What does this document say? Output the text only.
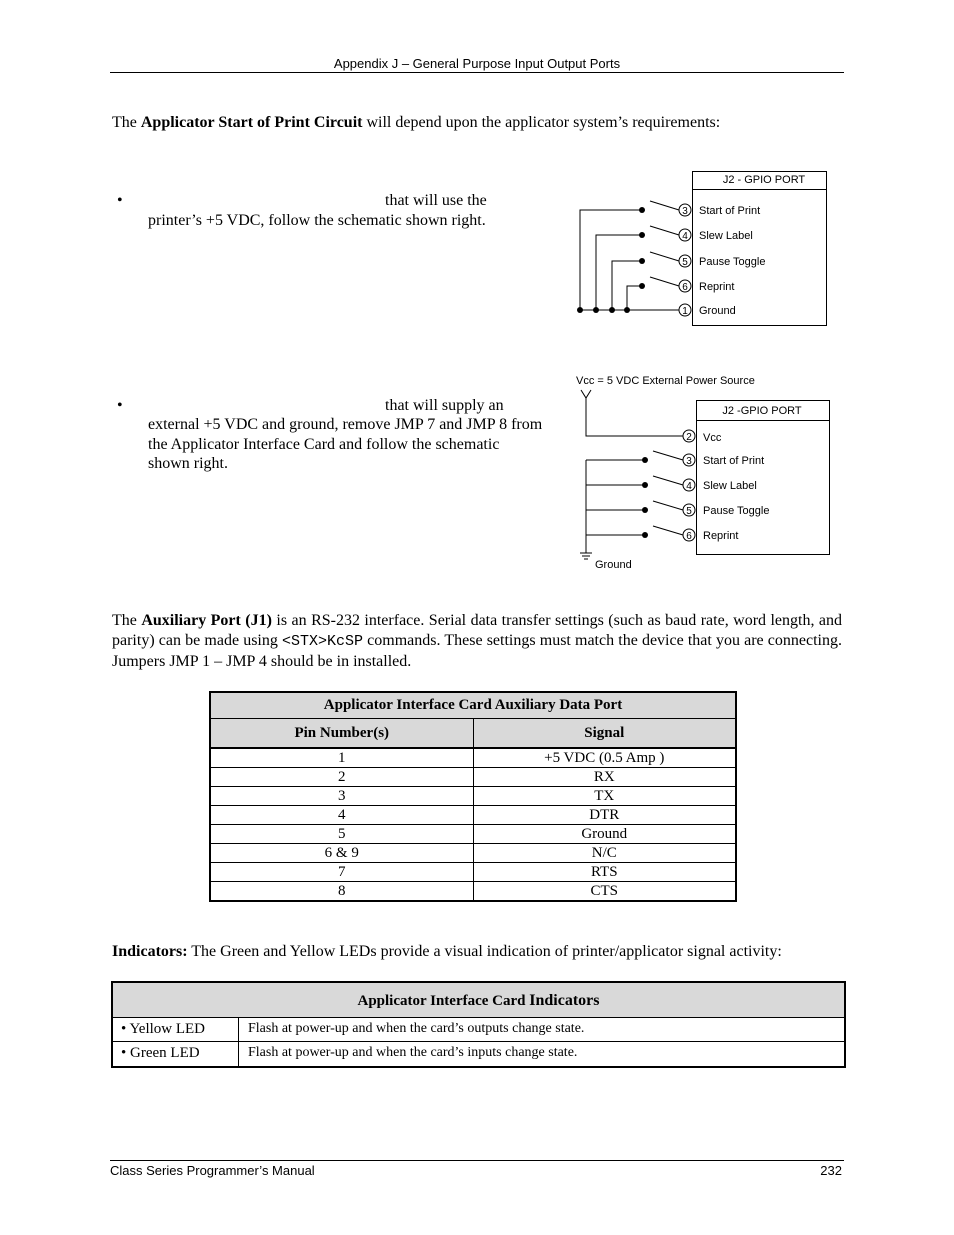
Appendix J – General Purpose Input Output Ports
The Applicator Start of Print Circuit will depend upon the applicator system’s requirements:
•	that will use the
printer’s +5 VDC, follow the schematic shown right.
•	that will supply an
external +5 VDC and ground, remove JMP 7 and JMP 8 from the Applicator Interface Card and follow the schematic shown right.
J2 - GPIO PORT
Start of Print
3
Slew Label
4
Pause Toggle
5
Reprint
6
Ground
1
Vcc = 5 VDC External Power Source
J2 -GPIO PORT
2 Vcc
3 Start of Print
4 Slew Label
5 Pause Toggle
6 Reprint
Ground
The Auxiliary Port (J1) is an RS-232 interface. Serial data transfer settings (such as baud rate, word length, and parity) can be made using <STX>KcSP commands. These settings must match the device that you are connecting. Jumpers JMP 1 – JMP 4 should be in installed.
Applicator Interface Card Auxiliary Data Port	
Pin Number(s)	Signal
1	+5 VDC (0.5 Amp )
2	RX
3	TX
4	DTR
5	Ground
6 & 9	N/C
7	RTS
8	CTS
Indicators: The Green and Yellow LEDs provide a visual indication of printer/applicator signal activity:
Applicator Interface Card Indicators
• Yellow LED	Flash at power-up and when the card’s outputs change state.
• Green LED	Flash at power-up and when the card’s inputs change state.
Class Series Programmer’s Manual	232
